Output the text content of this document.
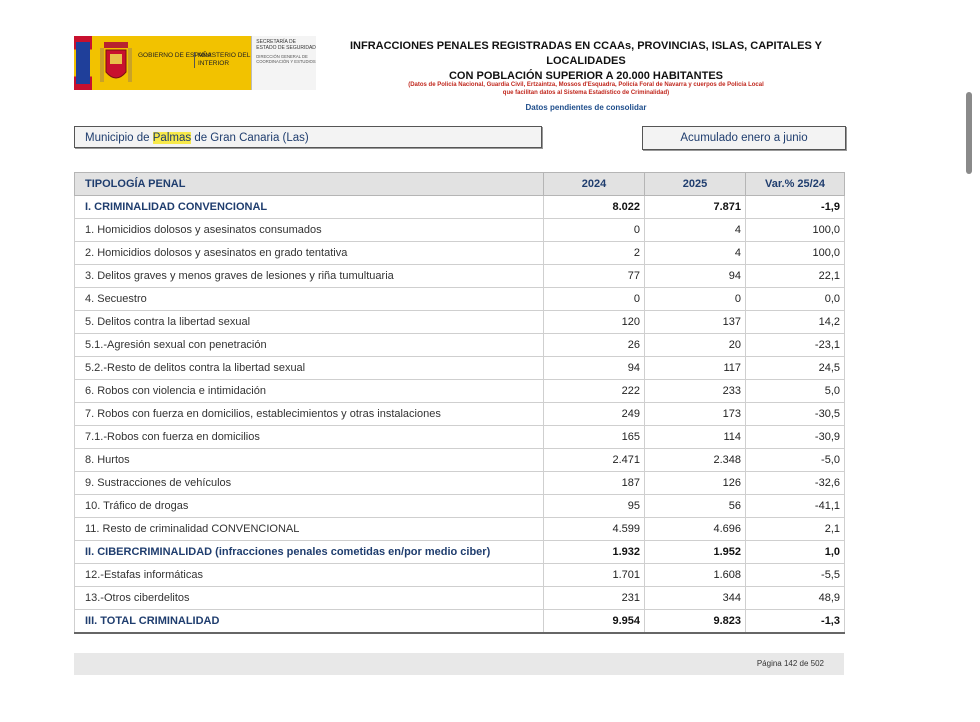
GOBIERNO DE ESPAÑA
MINISTERIO DEL INTERIOR
SECRETARÍA DE ESTADO DE SEGURIDAD
DIRECCIÓN GENERAL DE COORDINACIÓN Y ESTUDIOS
INFRACCIONES PENALES REGISTRADAS EN CCAAs, PROVINCIAS, ISLAS, CAPITALES Y LOCALIDADES
CON POBLACIÓN SUPERIOR A 20.000 HABITANTES
(Datos de Policía Nacional, Guardia Civil, Ertzaintza, Mossos d'Esquadra, Policía Foral de Navarra y cuerpos de Policía Local
que facilitan datos al Sistema Estadístico de Criminalidad)
Datos pendientes de consolidar
Municipio de Palmas de Gran Canaria (Las)	Acumulado enero a junio
TIPOLOGÍA PENAL	2024	2025	Var.% 25/24
I. CRIMINALIDAD CONVENCIONAL	8.022	7.871	-1,9
1. Homicidios dolosos y asesinatos consumados	0	4	100,0
2. Homicidios dolosos y asesinatos en grado tentativa	2	4	100,0
3. Delitos graves y menos graves de lesiones y riña tumultuaria	77	94	22,1
4. Secuestro	0	0	0,0
5. Delitos contra la libertad sexual	120	137	14,2
5.1.-Agresión sexual con penetración	26	20	-23,1
5.2.-Resto de delitos contra la libertad sexual	94	117	24,5
6. Robos con violencia e intimidación	222	233	5,0
7. Robos con fuerza en domicilios, establecimientos y otras instalaciones	249	173	-30,5
7.1.-Robos con fuerza en domicilios	165	114	-30,9
8. Hurtos	2.471	2.348	-5,0
9. Sustracciones de vehículos	187	126	-32,6
10. Tráfico de drogas	95	56	-41,1
11. Resto de criminalidad CONVENCIONAL	4.599	4.696	2,1
II. CIBERCRIMINALIDAD (infracciones penales cometidas en/por medio ciber)	1.932	1.952	1,0
12.-Estafas informáticas	1.701	1.608	-5,5
13.-Otros ciberdelitos	231	344	48,9
III. TOTAL CRIMINALIDAD	9.954	9.823	-1,3
Página 142 de 502
